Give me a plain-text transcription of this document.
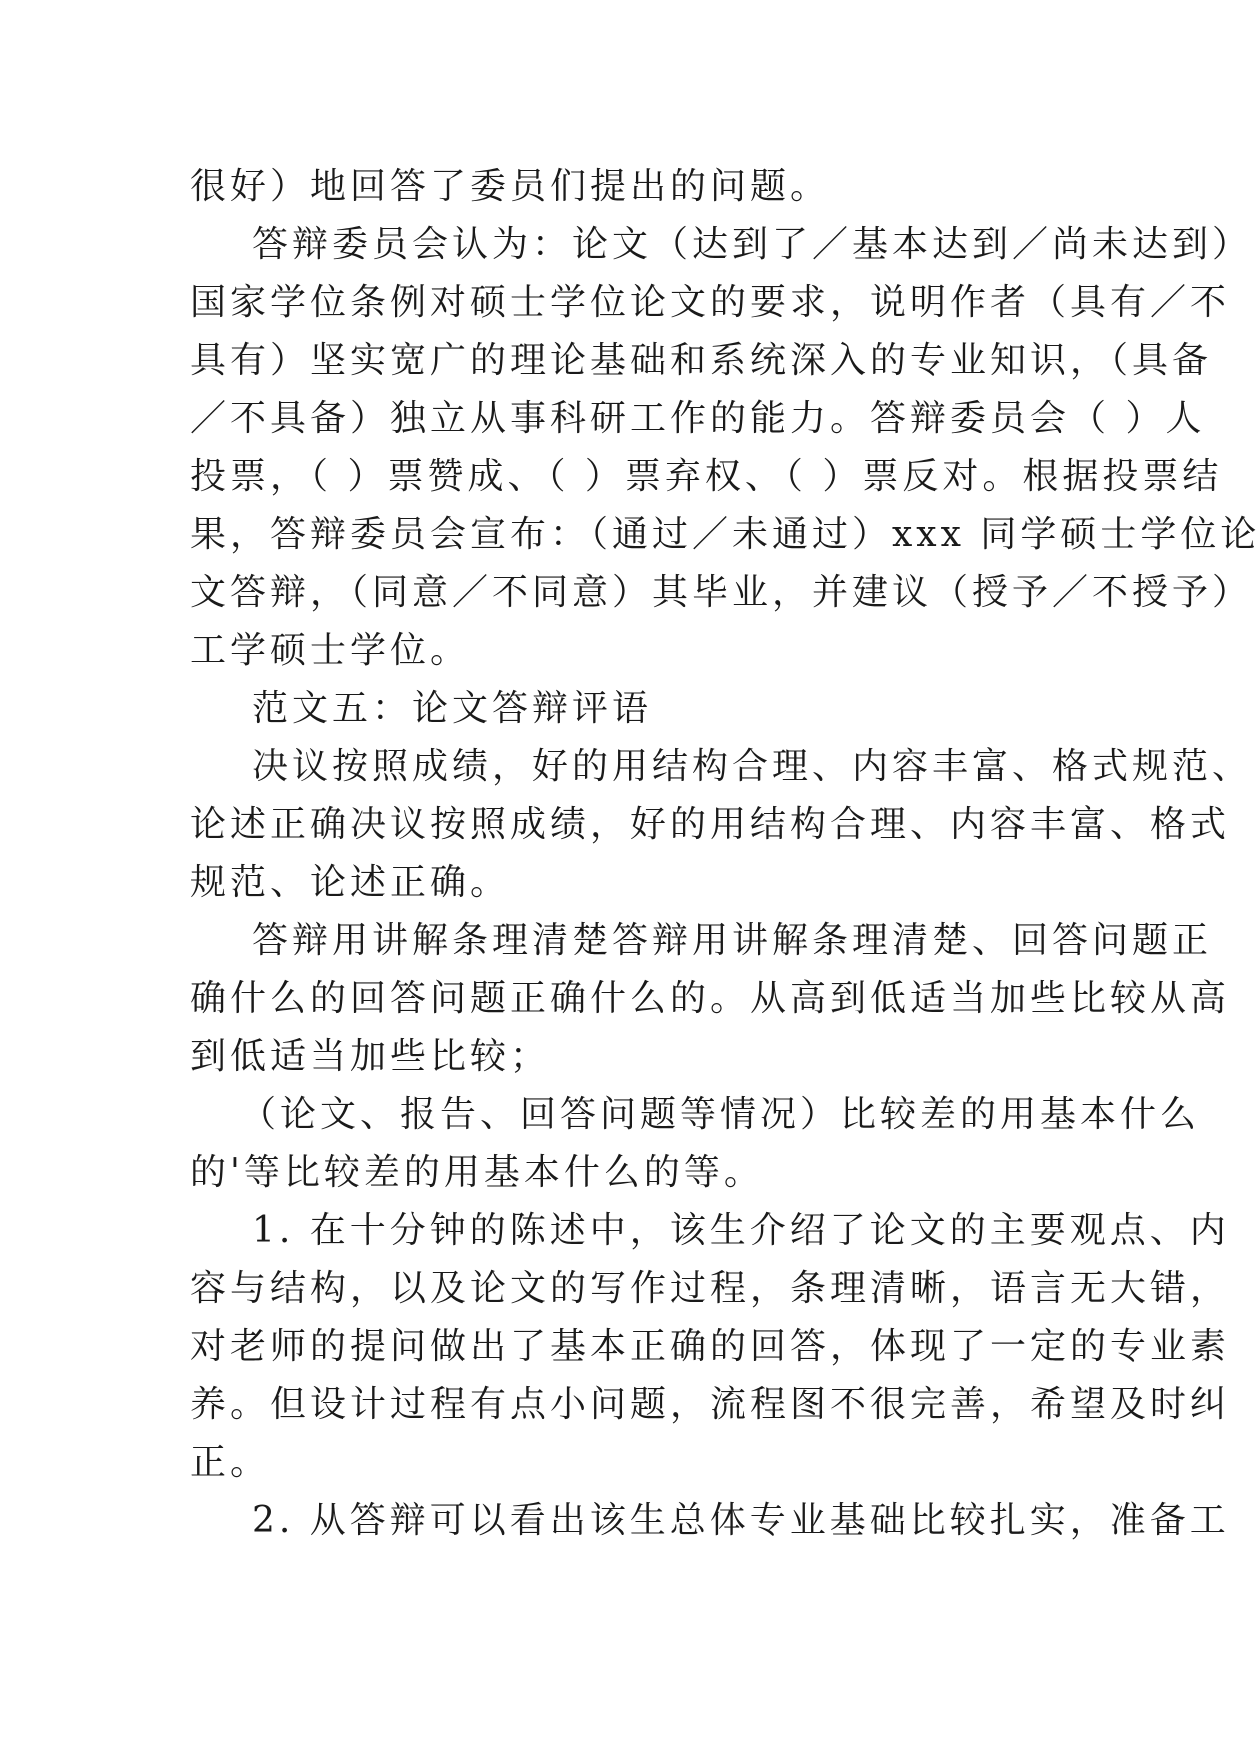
很好）地回答了委员们提出的问题。
答辩委员会认为：论文（达到了／基本达到／尚未达到）
国家学位条例对硕士学位论文的要求，说明作者（具有／不
具有）坚实宽广的理论基础和系统深入的专业知识，（具备
／不具备）独立从事科研工作的能力。答辩委员会（ ）人
投票，（ ）票赞成、（ ）票弃权、（ ）票反对。根据投票结
果，答辩委员会宣布：（通过／未通过）xxx 同学硕士学位论
文答辩，（同意／不同意）其毕业，并建议（授予／不授予）
工学硕士学位。
范文五：论文答辩评语
决议按照成绩，好的用结构合理、内容丰富、格式规范、
论述正确决议按照成绩，好的用结构合理、内容丰富、格式
规范、论述正确。
答辩用讲解条理清楚答辩用讲解条理清楚、回答问题正
确什么的回答问题正确什么的。从高到低适当加些比较从高
到低适当加些比较；
（论文、报告、回答问题等情况）比较差的用基本什么
的'等比较差的用基本什么的等。
1. 在十分钟的陈述中，该生介绍了论文的主要观点、内
容与结构，以及论文的写作过程，条理清晰，语言无大错，
对老师的提问做出了基本正确的回答，体现了一定的专业素
养。但设计过程有点小问题，流程图不很完善，希望及时纠
正。
2. 从答辩可以看出该生总体专业基础比较扎实，准备工
